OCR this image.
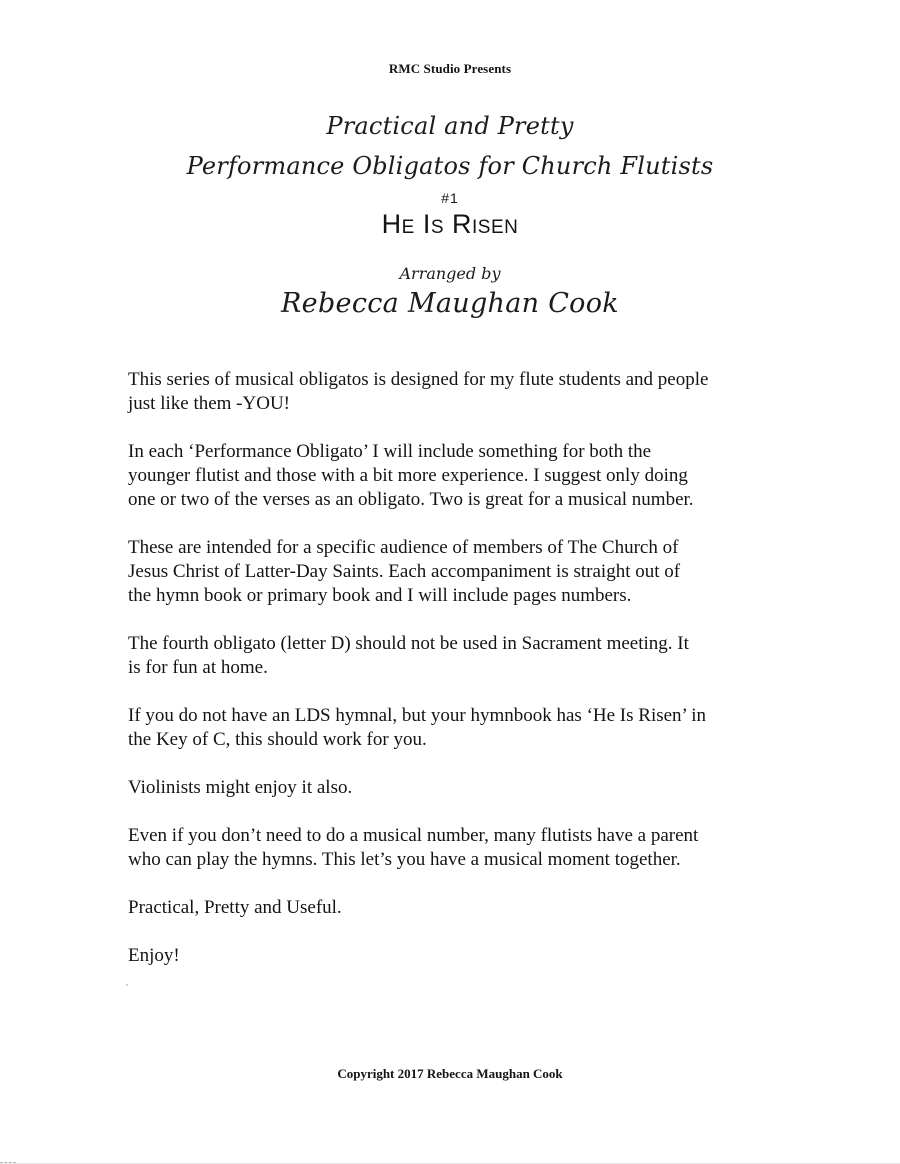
RMC Studio Presents
Practical and Pretty
Performance Obligatos for Church Flutists
#1
He Is Risen
Arranged by
Rebecca Maughan Cook

This series of musical obligatos is designed for my flute students and people
just like them -YOU!

In each ‘Performance Obligato’ I will include something for both the
younger flutist and those with a bit more experience. I suggest only doing
one or two of the verses as an obligato. Two is great for a musical number.

These are intended for a specific audience of members of The Church of
Jesus Christ of Latter-Day Saints. Each accompaniment is straight out of
the hymn book or primary book and I will include pages numbers.

The fourth obligato (letter D) should not be used in Sacrament meeting. It
is for fun at home.

If you do not have an LDS hymnal, but your hymnbook has ‘He Is Risen’ in
the Key of C, this should work for you.

Violinists might enjoy it also.

Even if you don’t need to do a musical number, many flutists have a parent
who can play the hymns. This let’s you have a musical moment together.

Practical, Pretty and Useful.

Enjoy!

Copyright 2017 Rebecca Maughan Cook
